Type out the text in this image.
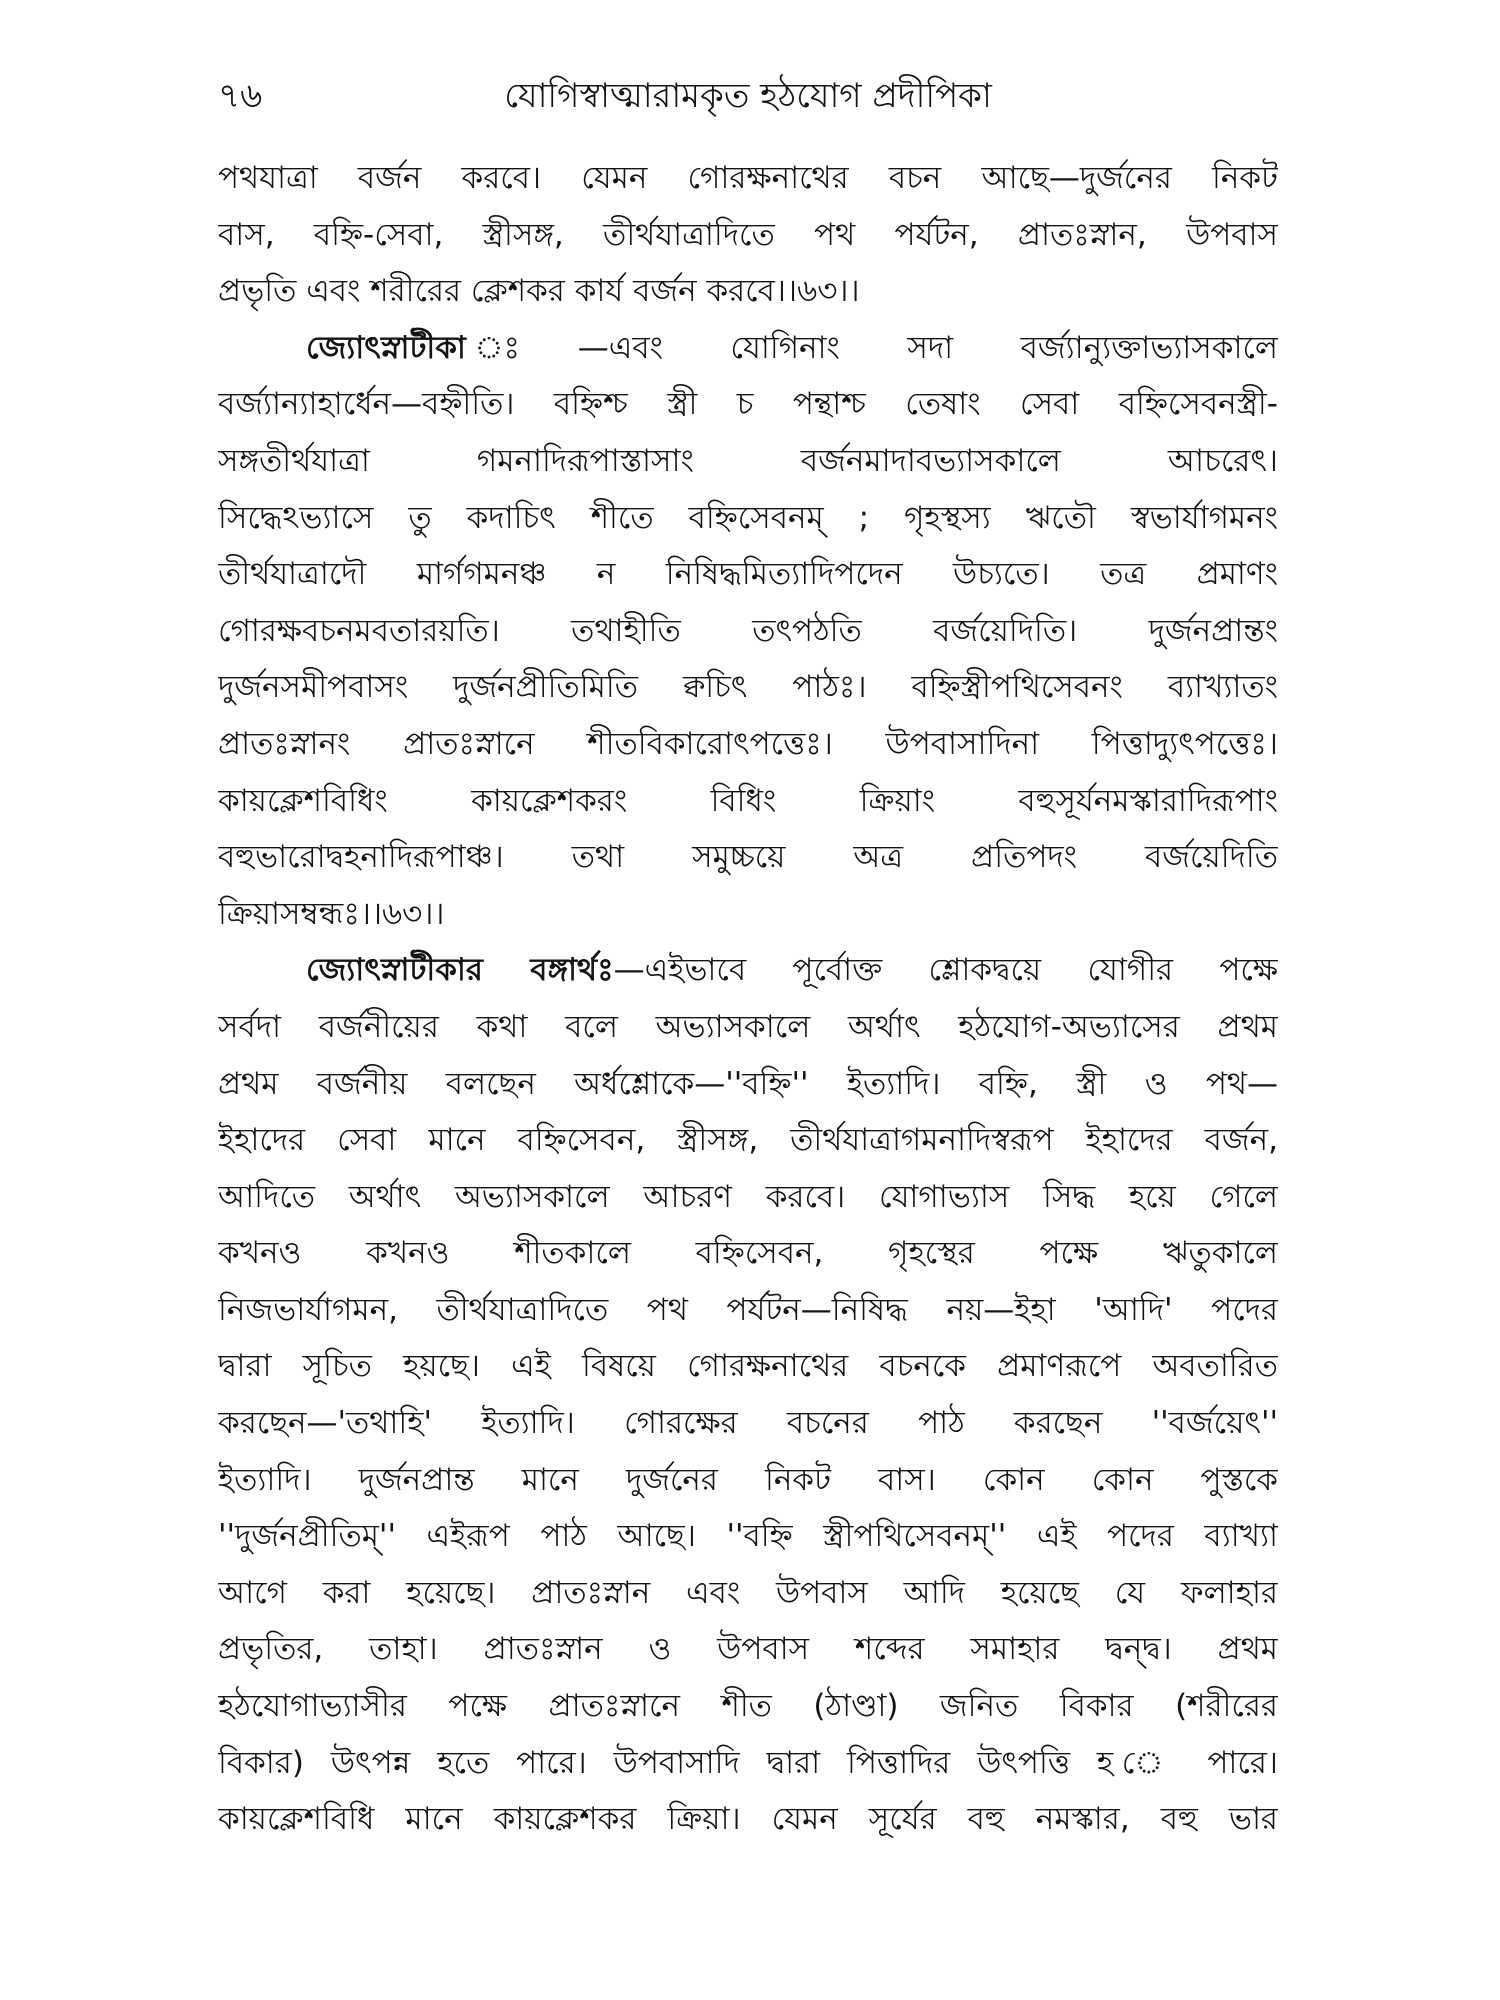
৭৬	যোগিস্বাত্মারামকৃত হঠযোগ প্রদীপিকা
পথযাত্রা বর্জন করবে। যেমন গোরক্ষনাথের বচন আছে—দুর্জনের নিকট
বাস, বহ্নি-সেবা, স্ত্রীসঙ্গ, তীর্থযাত্রাদিতে পথ পর্যটন, প্রাতঃস্নান, উপবাস
প্রভৃতি এবং শরীরের ক্লেশকর কার্য বর্জন করবে।।৬৩।।
জ্যোৎস্নাটীকা	ঃ—এবং যোগিনাং সদা বর্জ্যান্যুক্তাভ্যাসকালে
বর্জ্যান্যাহার্ধেন—বহ্নীতি। বহ্নিশ্চ স্ত্রী চ পন্থাশ্চ তেষাং সেবা বহ্নিসেবনস্ত্রী-
সঙ্গতীর্থযাত্রা গমনাদিরূপাস্তাসাং বর্জনমাদাবভ্যাসকালে আচরেৎ।
সিদ্ধেঽভ্যাসে তু কদাচিৎ শীতে বহ্নিসেবনম্ ; গৃহস্থস্য ঋতৌ স্বভার্যাগমনং
তীর্থযাত্রাদৌ মার্গগমনঞ্চ ন নিষিদ্ধমিত্যাদিপদেন উচ্যতে। তত্র প্রমাণং
গোরক্ষবচনমবতারয়তি। তথাহীতি তৎপঠতি বর্জয়েদিতি। দুর্জনপ্রান্তং
দুর্জনসমীপবাসং দুর্জনপ্রীতিমিতি ক্বচিৎ পাঠঃ। বহ্নিস্ত্রীপথিসেবনং ব্যাখ্যাতং
প্রাতঃস্নানং প্রাতঃস্নানে শীতবিকারোৎপত্তেঃ। উপবাসাদিনা পিত্তাদ্যুৎপত্তেঃ।
কায়ক্লেশবিধিং কায়ক্লেশকরং বিধিং ক্রিয়াং বহুসূর্যনমস্কারাদিরূপাং
বহুভারোদ্বহনাদিরূপাঞ্চ। তথা সমুচ্চয়ে অত্র প্রতিপদং বর্জয়েদিতি
ক্রিয়াসম্বন্ধঃ।।৬৩।।
জ্যোৎস্নাটীকার বঙ্গার্থঃ—এইভাবে পূর্বোক্ত শ্লোকদ্বয়ে যোগীর পক্ষে
সর্বদা বর্জনীয়ের কথা বলে অভ্যাসকালে অর্থাৎ হঠযোগ-অভ্যাসের প্রথম
প্রথম বর্জনীয় বলছেন অর্ধশ্লোকে—''বহ্নি'' ইত্যাদি। বহ্নি, স্ত্রী ও পথ—
ইহাদের সেবা মানে বহ্নিসেবন, স্ত্রীসঙ্গ, তীর্থযাত্রাগমনাদিস্বরূপ ইহাদের বর্জন,
আদিতে অর্থাৎ অভ্যাসকালে আচরণ করবে। যোগাভ্যাস সিদ্ধ হয়ে গেলে
কখনও কখনও শীতকালে বহ্নিসেবন, গৃহস্থের পক্ষে ঋতুকালে
নিজভার্যাগমন, তীর্থযাত্রাদিতে পথ পর্যটন—নিষিদ্ধ নয়—ইহা 'আদি' পদের
দ্বারা সূচিত হয়ছে। এই বিষয়ে গোরক্ষনাথের বচনকে প্রমাণরূপে অবতারিত
করছেন—'তথাহি' ইত্যাদি। গোরক্ষের বচনের পাঠ করছেন ''বর্জয়েৎ''
ইত্যাদি। দুর্জনপ্রান্ত মানে দুর্জনের নিকট বাস। কোন কোন পুস্তকে
''দুর্জনপ্রীতিম্'' এইরূপ পাঠ আছে। ''বহ্নি স্ত্রীপথিসেবনম্'' এই পদের ব্যাখ্যা
আগে করা হয়েছে। প্রাতঃস্নান এবং উপবাস আদি হয়েছে যে ফলাহার
প্রভৃতির, তাহা। প্রাতঃস্নান ও উপবাস শব্দের সমাহার দ্বন্দ্ব। প্রথম
হঠযোগাভ্যাসীর পক্ষে প্রাতঃস্নানে শীত (ঠাণ্ডা) জনিত বিকার (শরীরের
বিকার) উৎপন্ন হতে পারে। উপবাসাদি দ্বারা পিত্তাদির উৎপত্তি হ ে পারে।
কায়ক্লেশবিধি মানে কায়ক্লেশকর ক্রিয়া। যেমন সূর্যের বহু নমস্কার, বহু ভার
